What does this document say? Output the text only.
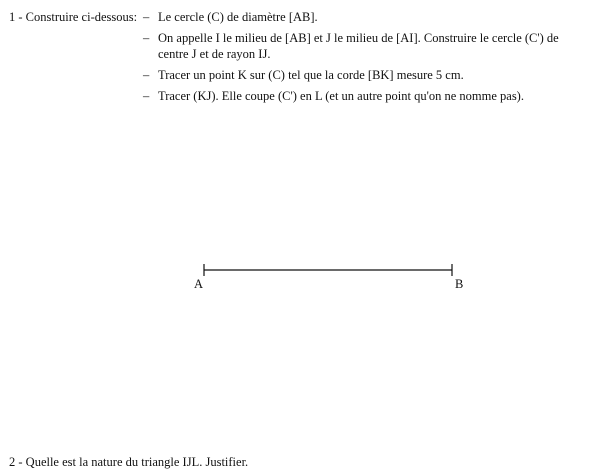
1 - Construire ci-dessous: – Le cercle (C) de diamètre [AB].
– On appelle I le milieu de [AB] et J le milieu de [AI]. Construire le cercle (C') de centre J et de rayon IJ.
– Tracer un point K sur (C) tel que la corde [BK] mesure 5 cm.
– Tracer (KJ). Elle coupe (C') en L (et un autre point qu'on ne nomme pas).
A	B
2 - Quelle est la nature du triangle IJL. Justifier.
